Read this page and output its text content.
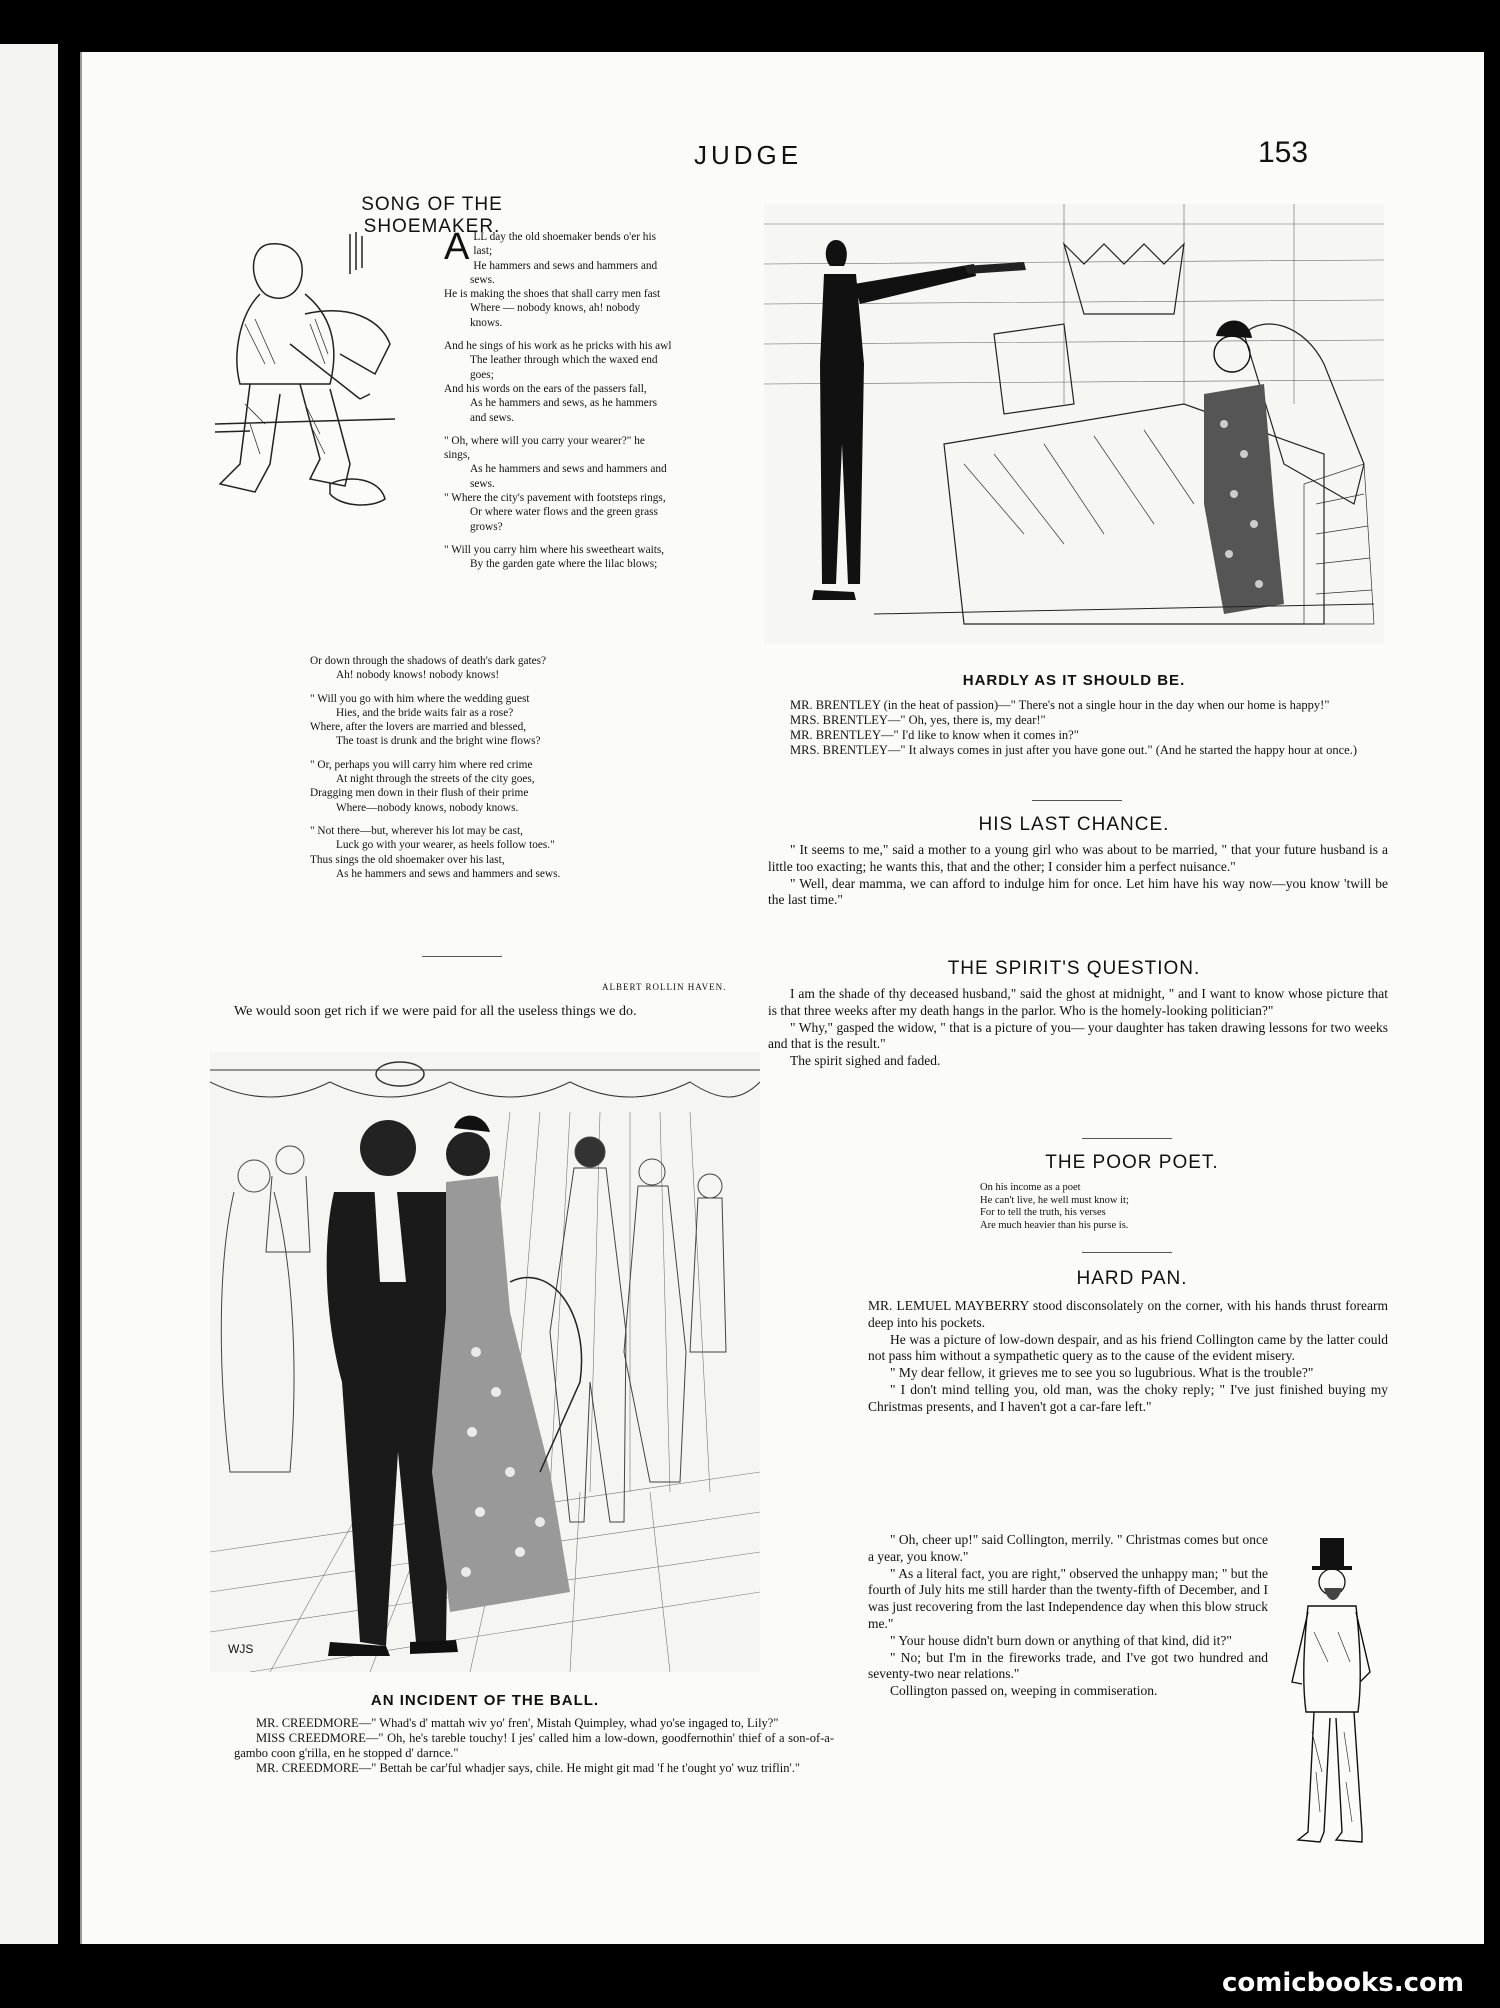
JUDGE	153
SONG OF THE SHOEMAKER.
A LL day the old shoemaker bends o'er his last;
He hammers and sews and hammers and sews.
He is making the shoes that shall carry men fast
Where — nobody knows, ah! nobody knows.
And he sings of his work as he pricks with his awl
The leather through which the waxed end goes;
And his words on the ears of the passers fall,
As he hammers and sews, as he hammers and sews.
" Oh, where will you carry your wearer?" he sings,
As he hammers and sews and hammers and sews.
" Where the city's pavement with footsteps rings,
Or where water flows and the green grass grows?
" Will you carry him where his sweetheart waits,
By the garden gate where the lilac blows;
Or down through the shadows of death's dark gates?
Ah! nobody knows! nobody knows!
" Will you go with him where the wedding guest
Hies, and the bride waits fair as a rose?
Where, after the lovers are married and blessed,
The toast is drunk and the bright wine flows?
" Or, perhaps you will carry him where red crime
At night through the streets of the city goes,
Dragging men down in their flush of their prime
Where—nobody knows, nobody knows.
" Not there—but, wherever his lot may be cast,
Luck go with your wearer, as heels follow toes."
Thus sings the old shoemaker over his last,
As he hammers and sews and hammers and sews.
ALBERT ROLLIN HAVEN.
We would soon get rich if we were paid for all the useless things we do.
HARDLY AS IT SHOULD BE.

MR. BRENTLEY (in the heat of passion)—" There's not a single hour in the day when our home is happy!"

MRS. BRENTLEY—" Oh, yes, there is, my dear!"

MR. BRENTLEY—" I'd like to know when it comes in?"

MRS. BRENTLEY—" It always comes in just after you have gone out." (And he started the happy hour at once.)

HIS LAST CHANCE.

" It seems to me," said a mother to a young girl who was about to be married, " that your future husband is a little too exacting; he wants this, that and the other; I consider him a perfect nuisance."

" Well, dear mamma, we can afford to indulge him for once. Let him have his way now—you know 'twill be the last time."

THE SPIRIT'S QUESTION.

I am the shade of thy deceased husband," said the ghost at midnight, " and I want to know whose picture that is that three weeks after my death hangs in the parlor. Who is the homely-looking politician?"

" Why," gasped the widow, " that is a picture of you— your daughter has taken drawing lessons for two weeks and that is the result."

The spirit sighed and faded.

THE POOR POET.
On his income as a poet
He can't live, he well must know it;
For to tell the truth, his verses
Are much heavier than his purse is.
HARD PAN.

MR. LEMUEL MAYBERRY stood disconsolately on the corner, with his hands thrust forearm deep into his pockets.

He was a picture of low-down despair, and as his friend Collington came by the latter could not pass him without a sympathetic query as to the cause of the evident misery.

" My dear fellow, it grieves me to see you so lugubrious. What is the trouble?"

" I don't mind telling you, old man, was the choky reply; " I've just finished buying my Christmas presents, and I haven't got a car-fare left."

" Oh, cheer up!" said Collington, merrily. " Christmas comes but once a year, you know."

" As a literal fact, you are right," observed the unhappy man; " but the fourth of July hits me still harder than the twenty-fifth of December, and I was just recovering from the last Independence day when this blow struck me."

" Your house didn't burn down or anything of that kind, did it?"

" No; but I'm in the fireworks trade, and I've got two hundred and seventy-two near relations."

Collington passed on, weeping in commiseration.

WJS
AN INCIDENT OF THE BALL.

MR. CREEDMORE—" Whad's d' mattah wiv yo' fren', Mistah Quimpley, whad yo'se ingaged to, Lily?"

MISS CREEDMORE—" Oh, he's tareble touchy! I jes' called him a low-down, goodfernothin' thief of a son-of-a-gambo coon g'rilla, en he stopped d' darnce."

MR. CREEDMORE—" Bettah be car'ful whadjer says, chile. He might git mad 'f he t'ought yo' wuz triflin'."

comicbooks.com
